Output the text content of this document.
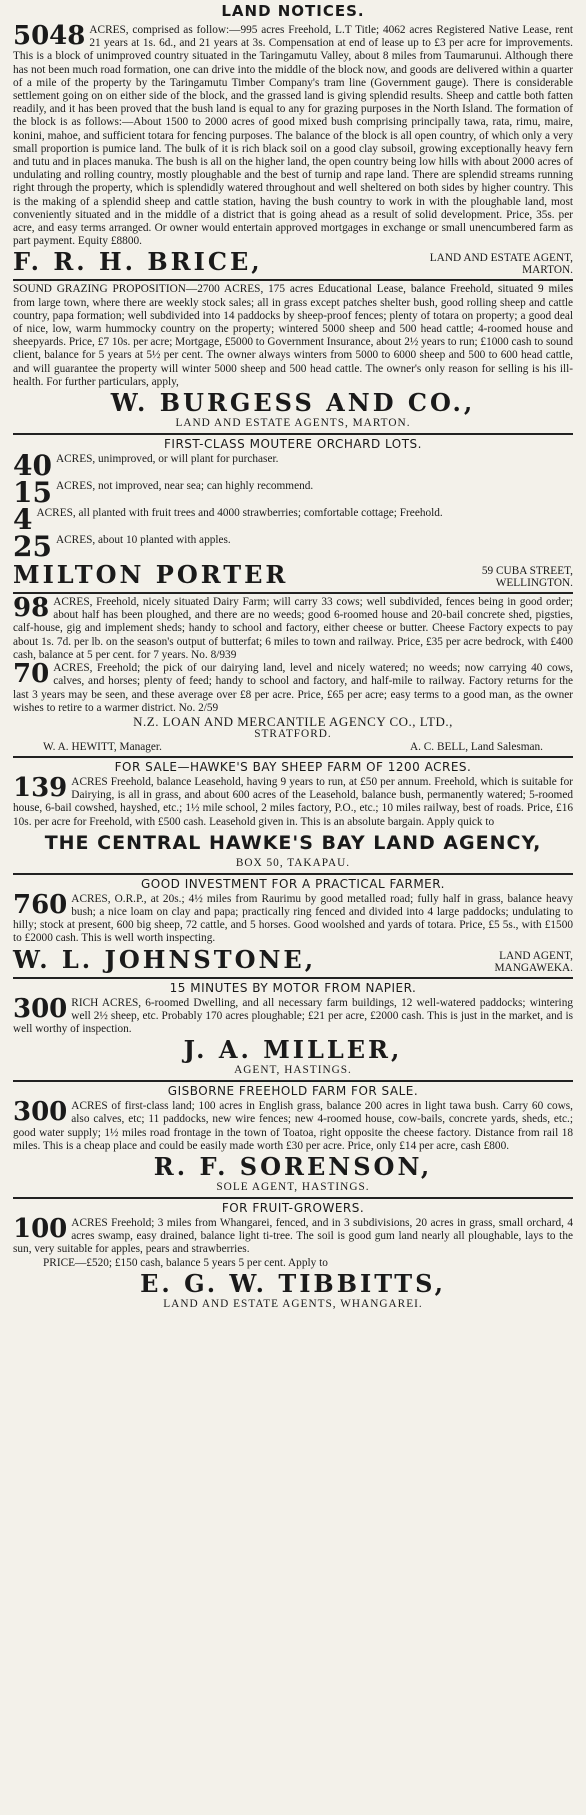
LAND NOTICES.

5048 ACRES, comprised as follow:—995 acres Freehold, L.T Title; 4062 acres Registered Native Lease, rent 21 years at 1s. 6d., and 21 years at 3s. Compensation at end of lease up to £3 per acre for improvements. This is a block of unimproved country situated in the Taringamutu Valley, about 8 miles from Taumarunui. Although there has not been much road formation, one can drive into the middle of the block now, and goods are delivered within a quarter of a mile of the property by the Taringamutu Timber Company's tram line (Government gauge). There is considerable settlement going on on either side of the block, and the grassed land is giving splendid results. Sheep and cattle both fatten readily, and it has been proved that the bush land is equal to any for grazing purposes in the North Island. The formation of the block is as follows:—About 1500 to 2000 acres of good mixed bush comprising principally tawa, rata, rimu, maire, konini, mahoe, and sufficient totara for fencing purposes. The balance of the block is all open country, of which only a very small proportion is pumice land. The bulk of it is rich black soil on a good clay subsoil, growing exceptionally heavy fern and tutu and in places manuka. The bush is all on the higher land, the open country being low hills with about 2000 acres of undulating and rolling country, mostly ploughable and the best of turnip and rape land. There are splendid streams running right through the property, which is splendidly watered throughout and well sheltered on both sides by higher country. This is the making of a splendid sheep and cattle station, having the bush country to work in with the ploughable land, most conveniently situated and in the middle of a district that is going ahead as a result of solid development. Price, 35s. per acre, and easy terms arranged. Or owner would entertain approved mortgages in exchange or small unencumbered farm as part payment. Equity £8800.

F. R. H. BRICE,	LAND AND ESTATE AGENT,
MARTON.

SOUND GRAZING PROPOSITION—2700 ACRES, 175 acres Educational Lease, balance Freehold, situated 9 miles from large town, where there are weekly stock sales; all in grass except patches shelter bush, good rolling sheep and cattle country, papa formation; well subdivided into 14 paddocks by sheep-proof fences; plenty of totara on property; a good deal of nice, low, warm hummocky country on the property; wintered 5000 sheep and 500 head cattle; 4-roomed house and sheepyards. Price, £7 10s. per acre; Mortgage, £5000 to Government Insurance, about 2½ years to run; £1000 cash to sound client, balance for 5 years at 5½ per cent. The owner always winters from 5000 to 6000 sheep and 500 to 600 head cattle, and will guarantee the property will winter 5000 sheep and 500 head cattle. The owner's only reason for selling is his ill-health. For further particulars, apply,

W. BURGESS AND CO.,
LAND AND ESTATE AGENTS, MARTON.
FIRST-CLASS MOUTERE ORCHARD LOTS.
40 ACRES, unimproved, or will plant for purchaser.

15 ACRES, not improved, near sea; can highly recommend.

4 ACRES, all planted with fruit trees and 4000 strawberries; comfortable cottage; Freehold.

25 ACRES, about 10 planted with apples.

MILTON PORTER	59 CUBA STREET,
WELLINGTON.

98 ACRES, Freehold, nicely situated Dairy Farm; will carry 33 cows; well subdivided, fences being in good order; about half has been ploughed, and there are no weeds; good 6-roomed house and 20-bail concrete shed, pigsties, calf-house, gig and implement sheds; handy to school and factory, either cheese or butter. Cheese Factory expects to pay about 1s. 7d. per lb. on the season's output of butterfat; 6 miles to town and railway. Price, £35 per acre bedrock, with £400 cash, balance at 5 per cent. for 7 years. No. 8/939

70 ACRES, Freehold; the pick of our dairying land, level and nicely watered; no weeds; now carrying 40 cows, calves, and horses; plenty of feed; handy to school and factory, and half-mile to railway. Factory returns for the last 3 years may be seen, and these average over £8 per acre. Price, £65 per acre; easy terms to a good man, as the owner wishes to retire to a warmer district. No. 2/59

N.Z. LOAN AND MERCANTILE AGENCY CO., LTD.,
STRATFORD.
W. A. HEWITT, Manager.	A. C. BELL, Land Salesman.
FOR SALE—HAWKE'S BAY SHEEP FARM OF 1200 ACRES.

139 ACRES Freehold, balance Leasehold, having 9 years to run, at £50 per annum. Freehold, which is suitable for Dairying, is all in grass, and about 600 acres of the Leasehold, balance bush, permanently watered; 5-roomed house, 6-bail cowshed, hayshed, etc.; 1½ mile school, 2 miles factory, P.O., etc.; 10 miles railway, best of roads. Price, £16 10s. per acre for Freehold, with £500 cash. Leasehold given in. This is an absolute bargain. Apply quick to

THE CENTRAL HAWKE'S BAY LAND AGENCY,
BOX 50, TAKAPAU.
GOOD INVESTMENT FOR A PRACTICAL FARMER.

760 ACRES, O.R.P., at 20s.; 4½ miles from Raurimu by good metalled road; fully half in grass, balance heavy bush; a nice loam on clay and papa; practically ring fenced and divided into 4 large paddocks; undulating to hilly; stock at present, 600 big sheep, 72 cattle, and 5 horses. Good woolshed and yards of totara. Price, £5 5s., with £1500 to £2000 cash. This is well worth inspecting.

W. L. JOHNSTONE,	LAND AGENT,
MANGAWEKA.
15 MINUTES BY MOTOR FROM NAPIER.

300 RICH ACRES, 6-roomed Dwelling, and all necessary farm buildings, 12 well-watered paddocks; wintering well 2½ sheep, etc. Probably 170 acres ploughable; £21 per acre, £2000 cash. This is just in the market, and is well worthy of inspection.

J. A. MILLER,
AGENT, HASTINGS.
GISBORNE FREEHOLD FARM FOR SALE.

300 ACRES of first-class land; 100 acres in English grass, balance 200 acres in light tawa bush. Carry 60 cows, also calves, etc; 11 paddocks, new wire fences; new 4-roomed house, cow-bails, concrete yards, sheds, etc.; good water supply; 1½ miles road frontage in the town of Toatoa, right opposite the cheese factory. Distance from rail 18 miles. This is a cheap place and could be easily made worth £30 per acre. Price, only £14 per acre, cash £800.

R. F. SORENSON,
SOLE AGENT, HASTINGS.
FOR FRUIT-GROWERS.

100 ACRES Freehold; 3 miles from Whangarei, fenced, and in 3 subdivisions, 20 acres in grass, small orchard, 4 acres swamp, easy drained, balance light ti-tree. The soil is good gum land nearly all ploughable, lays to the sun, very suitable for apples, pears and strawberries.

PRICE—£520; £150 cash, balance 5 years 5 per cent. Apply to
E. G. W. TIBBITTS,
LAND AND ESTATE AGENTS, WHANGAREI.
